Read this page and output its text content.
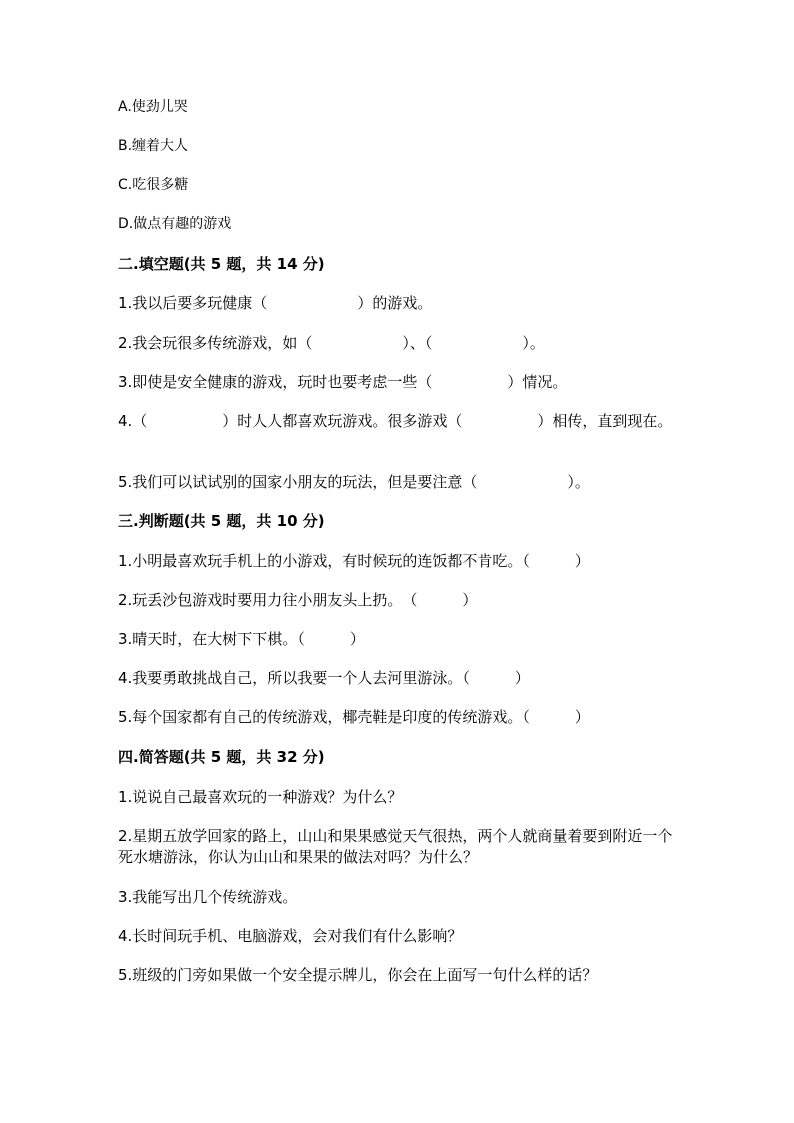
A.使劲儿哭
B.缠着大人
C.吃很多糖
D.做点有趣的游戏
二.填空题(共 5 题，共 14 分)
1.我以后要多玩健康（　　　　　　）的游戏。
2.我会玩很多传统游戏，如（　　　　　　）、（　　　　　　）。
3.即使是安全健康的游戏，玩时也要考虑一些（　　　　　）情况。
4.（　　　　　）时人人都喜欢玩游戏。很多游戏（　　　　　）相传，直到现在。
5.我们可以试试别的国家小朋友的玩法，但是要注意（　　　　　　）。
三.判断题(共 5 题，共 10 分)
1.小明最喜欢玩手机上的小游戏，有时候玩的连饭都不肯吃。（　　　）
2.玩丢沙包游戏时要用力往小朋友头上扔。　（　　　）
3.晴天时，在大树下下棋。（　　　）
4.我要勇敢挑战自己，所以我要一个人去河里游泳。（　　　）
5.每个国家都有自己的传统游戏，椰壳鞋是印度的传统游戏。（　　　）
四.简答题(共 5 题，共 32 分)
1.说说自己最喜欢玩的一种游戏？为什么？
2.星期五放学回家的路上，山山和果果感觉天气很热，两个人就商量着要到附近一个死水塘游泳，你认为山山和果果的做法对吗？为什么？
3.我能写出几个传统游戏。
4.长时间玩手机、电脑游戏，会对我们有什么影响？
5.班级的门旁如果做一个安全提示牌儿，你会在上面写一句什么样的话？
